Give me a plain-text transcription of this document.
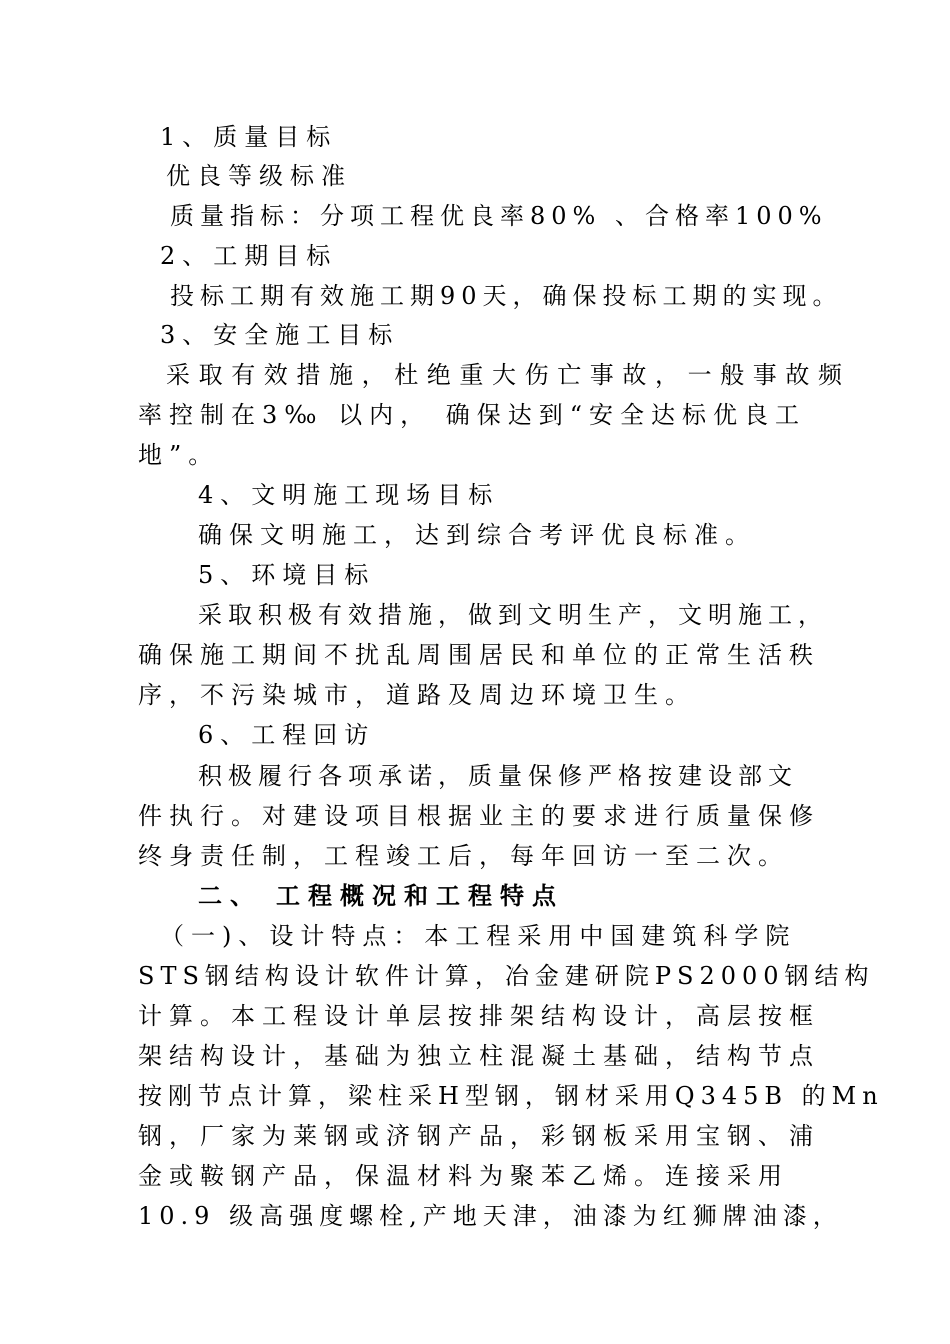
1、质量目标
优良等级标准
质量指标：分项工程优良率80% 、合格率100%
2、工期目标
投标工期有效施工期90天，确保投标工期的实现。
3、安全施工目标
采取有效措施，杜绝重大伤亡事故，一般事故频
率控制在3‰ 以内， 确保达到“安全达标优良工
地”。
4、文明施工现场目标
确保文明施工，达到综合考评优良标准。
5、环境目标
采取积极有效措施，做到文明生产，文明施工，
确保施工期间不扰乱周围居民和单位的正常生活秩
序，不污染城市，道路及周边环境卫生。
6、工程回访
积极履行各项承诺，质量保修严格按建设部文
件执行。对建设项目根据业主的要求进行质量保修
终身责任制，工程竣工后，每年回访一至二次。
二、 工程概况和工程特点
（一)、设计特点：本工程采用中国建筑科学院
STS钢结构设计软件计算，冶金建研院PS2000钢结构
计算。本工程设计单层按排架结构设计，高层按框
架结构设计，基础为独立柱混凝土基础，结构节点
按刚节点计算，梁柱采H型钢，钢材采用Q345B 的Mn
钢，厂家为莱钢或济钢产品，彩钢板采用宝钢、浦
金或鞍钢产品，保温材料为聚苯乙烯。连接采用
10.9 级高强度螺栓,产地天津，油漆为红狮牌油漆，
